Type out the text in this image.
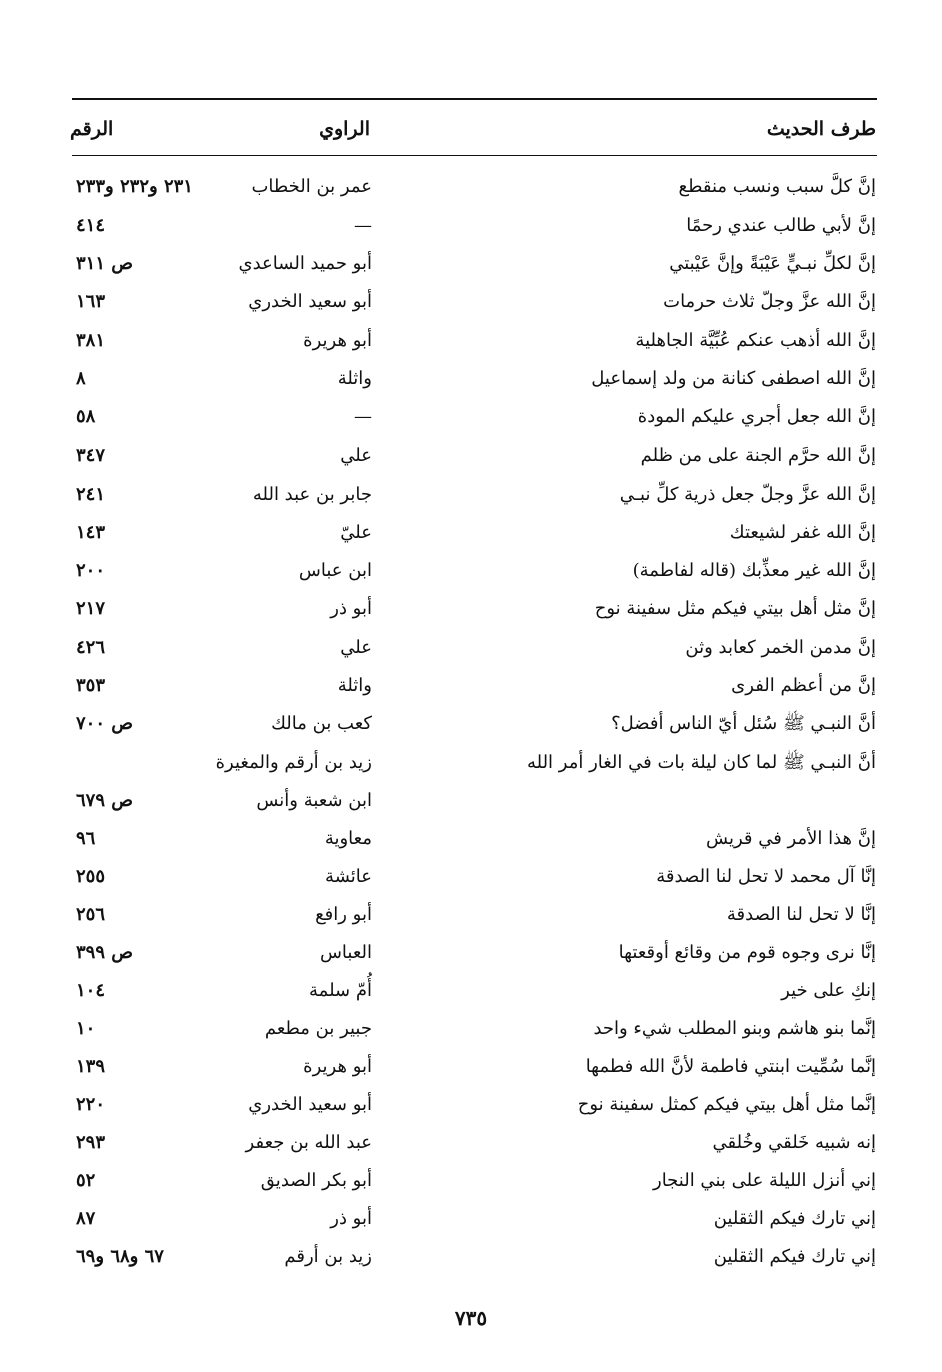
طرف الحديث
الراوي
الرقم
إنَّ كلَّ سبب ونسب منقطع
عمر بن الخطاب
٢٣١ و٢٣٢ و٢٣٣
إنَّ لأبي طالب عندي رحمًا
—
٤١٤
إنَّ لكلِّ نبـيٍّ عَيْبَةً وإنَّ عَيْبتي
أبو حميد الساعدي
ص ٣١١
إنَّ الله عزَّ وجلّ ثلاث حرمات
أبو سعيد الخدري
١٦٣
إنَّ الله أذهب عنكم عُبِّيَّة الجاهلية
أبو هريرة
٣٨١
إنَّ الله اصطفى كنانة من ولد إسماعيل
واثلة
٨
إنَّ الله جعل أجري عليكم المودة
—
٥٨
إنَّ الله حرَّم الجنة على من ظلم
علي
٣٤٧
إنَّ الله عزَّ وجلّ جعل ذرية كلِّ نبـي
جابر بن عبد الله
٢٤١
إنَّ الله غفر لشيعتك
عليّ
١٤٣
إنَّ الله غير معذِّبك (قاله لفاطمة)
ابن عباس
٢٠٠
إنَّ مثل أهل بيتي فيكم مثل سفينة نوح
أبو ذر
٢١٧
إنَّ مدمن الخمر كعابد وثن
علي
٤٢٦
إنَّ من أعظم الفرى
واثلة
٣٥٣
أنَّ النبـي ﷺ سُئل أيّ الناس أفضل؟
كعب بن مالك
ص ٧٠٠
أنَّ النبـي ﷺ لما كان ليلة بات في الغار أمر الله
زيد بن أرقم والمغيرة
ابن شعبة وأنس
ص ٦٧٩
إنَّ هذا الأمر في قريش
معاوية
٩٦
إنَّا آل محمد لا تحل لنا الصدقة
عائشة
٢٥٥
إنَّا لا تحل لنا الصدقة
أبو رافع
٢٥٦
إنَّا نرى وجوه قوم من وقائع أوقعتها
العباس
ص ٣٩٩
إنكِ على خير
أُمّ سلمة
١٠٤
إنَّما بنو هاشم وبنو المطلب شيء واحد
جبير بن مطعم
١٠
إنَّما سُمِّيت ابنتي فاطمة لأنَّ الله فطمها
أبو هريرة
١٣٩
إنَّما مثل أهل بيتي فيكم كمثل سفينة نوح
أبو سعيد الخدري
٢٢٠
إنه شبيه خَلقي وخُلقي
عبد الله بن جعفر
٢٩٣
إني أنزل الليلة على بني النجار
أبو بكر الصديق
٥٢
إني تارك فيكم الثقلين
أبو ذر
٨٧
إني تارك فيكم الثقلين
زيد بن أرقم
٦٧ و٦٨ و٦٩
٧٣٥
